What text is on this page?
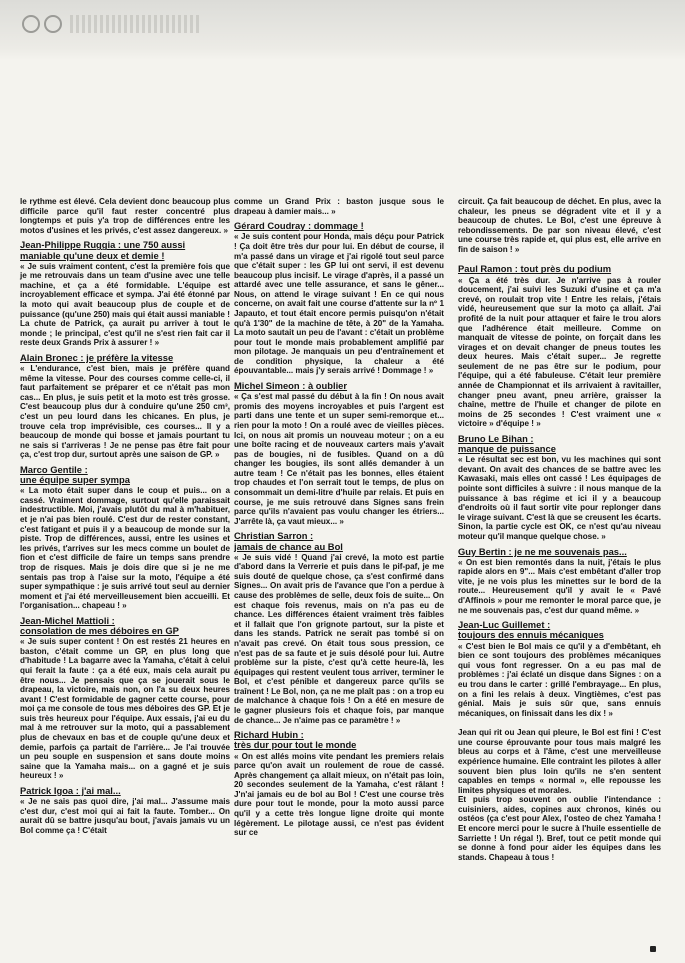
le rythme est élevé. Cela devient donc beaucoup plus difficile parce qu'il faut rester concentré plus longtemps et puis y'a trop de différences entre les motos d'usines et les privés, c'est assez dangereux. »

Jean-Philippe Ruggia : une 750 aussi
maniable qu'une deux et demie !

« Je suis vraiment content, c'est la première fois que je me retrouvais dans un team d'usine avec une telle machine, et ça a été formidable. L'équipe est incroyablement efficace et sympa. J'ai été étonné par la moto qui avait beaucoup plus de couple et de puissance (qu'une 250) mais qui était aussi maniable ! La chute de Patrick, ça aurait pu arriver à tout le monde ; le principal, c'est qu'il ne s'est rien fait car il reste deux Grands Prix à assurer ! »

Alain Bronec : je préfère la vitesse

« L'endurance, c'est bien, mais je préfère quand même la vitesse. Pour des courses comme celle-ci, il faut parfaitement se préparer et ce n'était pas mon cas... En plus, je suis petit et la moto est très grosse. C'est beaucoup plus dur à conduire qu'une 250 cm³, c'est un peu lourd dans les chicanes. En plus, je trouve cela trop imprévisible, ces courses... Il y a beaucoup de monde qui bosse et jamais pourtant tu ne sais si t'arriveras ! Je ne pense pas être fait pour ça, c'est trop dur, surtout après une saison de GP. »

Marco Gentile :
une équipe super sympa

« La moto était super dans le coup et puis... on a cassé. Vraiment dommage, surtout qu'elle paraissait indestructible. Moi, j'avais plutôt du mal à m'habituer, et je n'ai pas bien roulé. C'est dur de rester constant, c'est fatigant et puis il y a beaucoup de monde sur la piste. Trop de différences, aussi, entre les usines et les privés, t'arrives sur les mecs comme un boulet de fion et c'est difficile de faire un temps sans prendre trop de risques. Mais je dois dire que si je ne me sentais pas trop à l'aise sur la moto, l'équipe a été super sympathique : je suis arrivé tout seul au dernier moment et j'ai été merveilleusement bien accueilli. Et l'organisation... chapeau ! »

Jean-Michel Mattioli :
consolation de mes déboires en GP

« Je suis super content ! On est restés 21 heures en baston, c'était comme un GP, en plus long que d'habitude ! La bagarre avec la Yamaha, c'était à celui qui ferait la faute : ça a été eux, mais cela aurait pu être nous... Je pensais que ça se jouerait sous le drapeau, la victoire, mais non, on l'a su deux heures avant ! C'est formidable de gagner cette course, pour moi ça me console de tous mes déboires des GP. Et je suis très heureux pour l'équipe. Aux essais, j'ai eu du mal à me retrouver sur la moto, qui a passablement plus de chevaux en bas et de couple qu'une deux et demie, parfois ça partait de l'arrière... Je l'ai trouvée un peu souple en suspension et sans doute moins saine que la Yamaha mais... on a gagné et je suis heureux ! »

Patrick Igoa : j'ai mal...

« Je ne sais pas quoi dire, j'ai mal... J'assume mais c'est dur, c'est moi qui ai fait la faute. Tomber... On aurait dû se battre jusqu'au bout, j'avais jamais vu un Bol comme ça ! C'était

comme un Grand Prix : baston jusque sous le drapeau à damier mais... »

Gérard Coudray : dommage !

« Je suis content pour Honda, mais déçu pour Patrick ! Ça doit être très dur pour lui. En début de course, il m'a passé dans un virage et j'ai rigolé tout seul parce que c'était super : les GP lui ont servi, il est devenu beaucoup plus incisif. Le virage d'après, il a passé un attardé avec une telle assurance, et sans le gêner... Nous, on attend le virage suivant ! En ce qui nous concerne, on avait fait une course d'attente sur la nº 1 Japauto, et tout était encore permis puisqu'on n'était qu'à 1'30" de la machine de tête, à 20" de la Yamaha. La moto sautait un peu de l'avant : c'était un problème pour tout le monde mais probablement amplifié par mon pilotage. Je manquais un peu d'entraînement et de condition physique, la chaleur a été épouvantable... mais j'y serais arrivé ! Dommage ! »

Michel Simeon : à oublier

« Ça s'est mal passé du début à la fin ! On nous avait promis des moyens incroyables et puis l'argent est parti dans une tente et un super semi-remorque et... rien pour la moto ! On a roulé avec de vieilles pièces. Ici, on nous ait promis un nouveau moteur ; on a eu une boîte racing et de nouveaux carters mais y'avait pas de bougies, ni de fusibles. Quand on a dû changer les bougies, ils sont allés demander à un autre team ! Ce n'était pas les bonnes, elles étaient trop chaudes et l'on serrait tout le temps, de plus on consommait un demi-litre d'huile par relais. Et puis en course, je me suis retrouvé dans Signes sans frein parce qu'ils n'avaient pas voulu changer les étriers... J'arrête là, ça vaut mieux... »

Christian Sarron :
jamais de chance au Bol

« Je suis vidé ! Quand j'ai crevé, la moto est partie d'abord dans la Verrerie et puis dans le pif-paf, je me suis douté de quelque chose, ça s'est confirmé dans Signes... On avait pris de l'avance que l'on a perdue à cause des problèmes de selle, deux fois de suite... On est chaque fois revenus, mais on n'a pas eu de chance. Les différences étaient vraiment très faibles et il fallait que l'on grignote partout, sur la piste et dans les stands. Patrick ne serait pas tombé si on n'avait pas crevé. On était tous sous pression, ce n'est pas de sa faute et je suis désolé pour lui. Autre problème sur la piste, c'est qu'à cette heure-là, les équipages qui restent veulent tous arriver, terminer le Bol, et c'est pénible et dangereux parce qu'ils se traînent ! Le Bol, non, ça ne me plaît pas : on a trop eu de malchance à chaque fois ! On a été en mesure de le gagner plusieurs fois et chaque fois, par manque de chance... Je n'aime pas ce paramètre ! »

Richard Hubin :
très dur pour tout le monde

« On est allés moins vite pendant les premiers relais parce qu'on avait un roulement de roue de cassé. Après changement ça allait mieux, on n'était pas loin, 20 secondes seulement de la Yamaha, c'est râlant ! J'n'ai jamais eu de bol au Bol ! C'est une course très dure pour tout le monde, pour la moto aussi parce qu'il y a cette très longue ligne droite qui monte légèrement. Le pilotage aussi, ce n'est pas évident sur ce

circuit. Ça fait beaucoup de déchet. En plus, avec la chaleur, les pneus se dégradent vite et il y a beaucoup de chutes. Le Bol, c'est une épreuve à rebondissements. De par son niveau élevé, c'est une course très rapide et, qui plus est, elle arrive en fin de saison ! »

Paul Ramon : tout près du podium

« Ça a été très dur. Je n'arrive pas à rouler doucement, j'ai suivi les Suzuki d'usine et ça m'a crevé, on roulait trop vite ! Entre les relais, j'étais vidé, heureusement que sur la moto ça allait. J'ai profité de la nuit pour attaquer et faire le trou alors que l'adhérence était meilleure. Comme on manquait de vitesse de pointe, on forçait dans les virages et on devait changer de pneus toutes les deux heures. Mais c'était super... Je regrette seulement de ne pas être sur le podium, pour l'équipe, qui a été fabuleuse. C'était leur première année de Championnat et ils arrivaient à ravitailler, changer pneu avant, pneu arrière, graisser la chaîne, mettre de l'huile et changer de pilote en moins de 25 secondes ! C'est vraiment une « victoire » d'équipe ! »

Bruno Le Bihan :
manque de puissance

« Le résultat sec est bon, vu les machines qui sont devant. On avait des chances de se battre avec les Kawasaki, mais elles ont cassé ! Les équipages de pointe sont difficiles à suivre : il nous manque de la puissance à bas régime et ici il y a beaucoup d'endroits où il faut sortir vite pour replonger dans le virage suivant. C'est là que se creusent les écarts. Sinon, la partie cycle est OK, ce n'est qu'au niveau moteur qu'il manque quelque chose. »

Guy Bertin : je ne me souvenais pas...

« On est bien remontés dans la nuit, j'étais le plus rapide alors en 9"... Mais c'est embêtant d'aller trop vite, je ne vois plus les minettes sur le bord de la route... Heureusement qu'il y avait le « Pavé d'Affinois » pour me remonter le moral parce que, je ne me souvenais pas, c'est dur quand même. »

Jean-Luc Guillemet :
toujours des ennuis mécaniques

« C'est bien le Bol mais ce qu'il y a d'embêtant, eh bien ce sont toujours des problèmes mécaniques qui vous font regresser. On a eu pas mal de problèmes : j'ai éclaté un disque dans Signes : on a eu trou dans le carter : grillé l'embrayage... En plus, on a fini les relais à deux. Vingtièmes, c'est pas génial. Mais je suis sûr que, sans ennuis mécaniques, on finissait dans les dix ! »

Jean qui rit ou Jean qui pleure, le Bol est fini ! C'est une course éprouvante pour tous mais malgré les bleus au corps et à l'âme, c'est une merveilleuse expérience humaine. Elle contraint les pilotes à aller souvent bien plus loin qu'ils ne s'en sentent capables en temps « normal », elle repousse les limites physiques et morales.

Et puis trop souvent on oublie l'intendance : cuisiniers, aides, copines aux chronos, kinés ou ostéos (ça c'est pour Alex, l'osteo de chez Yamaha ! Et encore merci pour le sucre à l'huile essentielle de Sarriette ! Un régal !). Bref, tout ce petit monde qui se donne à fond pour aider les équipes dans les stands. Chapeau à tous !
